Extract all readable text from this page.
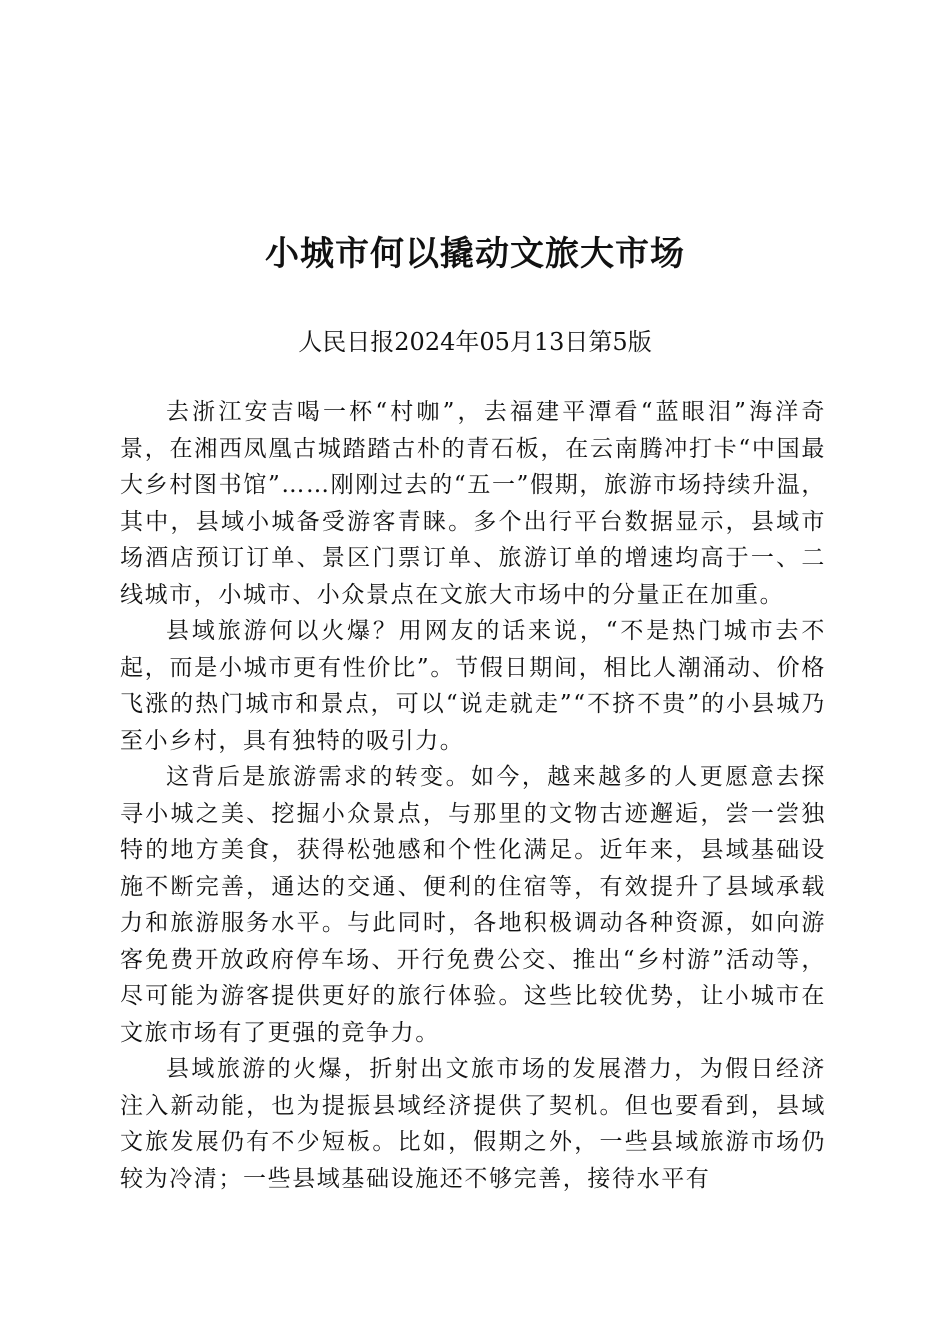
小城市何以撬动文旅大市场
人民日报2024年05月13日第5版

去浙江安吉喝一杯“村咖”，去福建平潭看“蓝眼泪”海洋奇景，在湘西凤凰古城踏踏古朴的青石板，在云南腾冲打卡“中国最大乡村图书馆”……刚刚过去的“五一”假期，旅游市场持续升温，其中，县域小城备受游客青睐。多个出行平台数据显示，县域市场酒店预订订单、景区门票订单、旅游订单的增速均高于一、二线城市，小城市、小众景点在文旅大市场中的分量正在加重。

县域旅游何以火爆？用网友的话来说，“不是热门城市去不起，而是小城市更有性价比”。节假日期间，相比人潮涌动、价格飞涨的热门城市和景点，可以“说走就走”“不挤不贵”的小县城乃至小乡村，具有独特的吸引力。

这背后是旅游需求的转变。如今，越来越多的人更愿意去探寻小城之美、挖掘小众景点，与那里的文物古迹邂逅，尝一尝独特的地方美食，获得松弛感和个性化满足。近年来，县域基础设施不断完善，通达的交通、便利的住宿等，有效提升了县域承载力和旅游服务水平。与此同时，各地积极调动各种资源，如向游客免费开放政府停车场、开行免费公交、推出“乡村游”活动等，尽可能为游客提供更好的旅行体验。这些比较优势，让小城市在文旅市场有了更强的竞争力。

县域旅游的火爆，折射出文旅市场的发展潜力，为假日经济注入新动能，也为提振县域经济提供了契机。但也要看到，县域文旅发展仍有不少短板。比如，假期之外，一些县域旅游市场仍较为冷清；一些县域基础设施还不够完善，接待水平有
